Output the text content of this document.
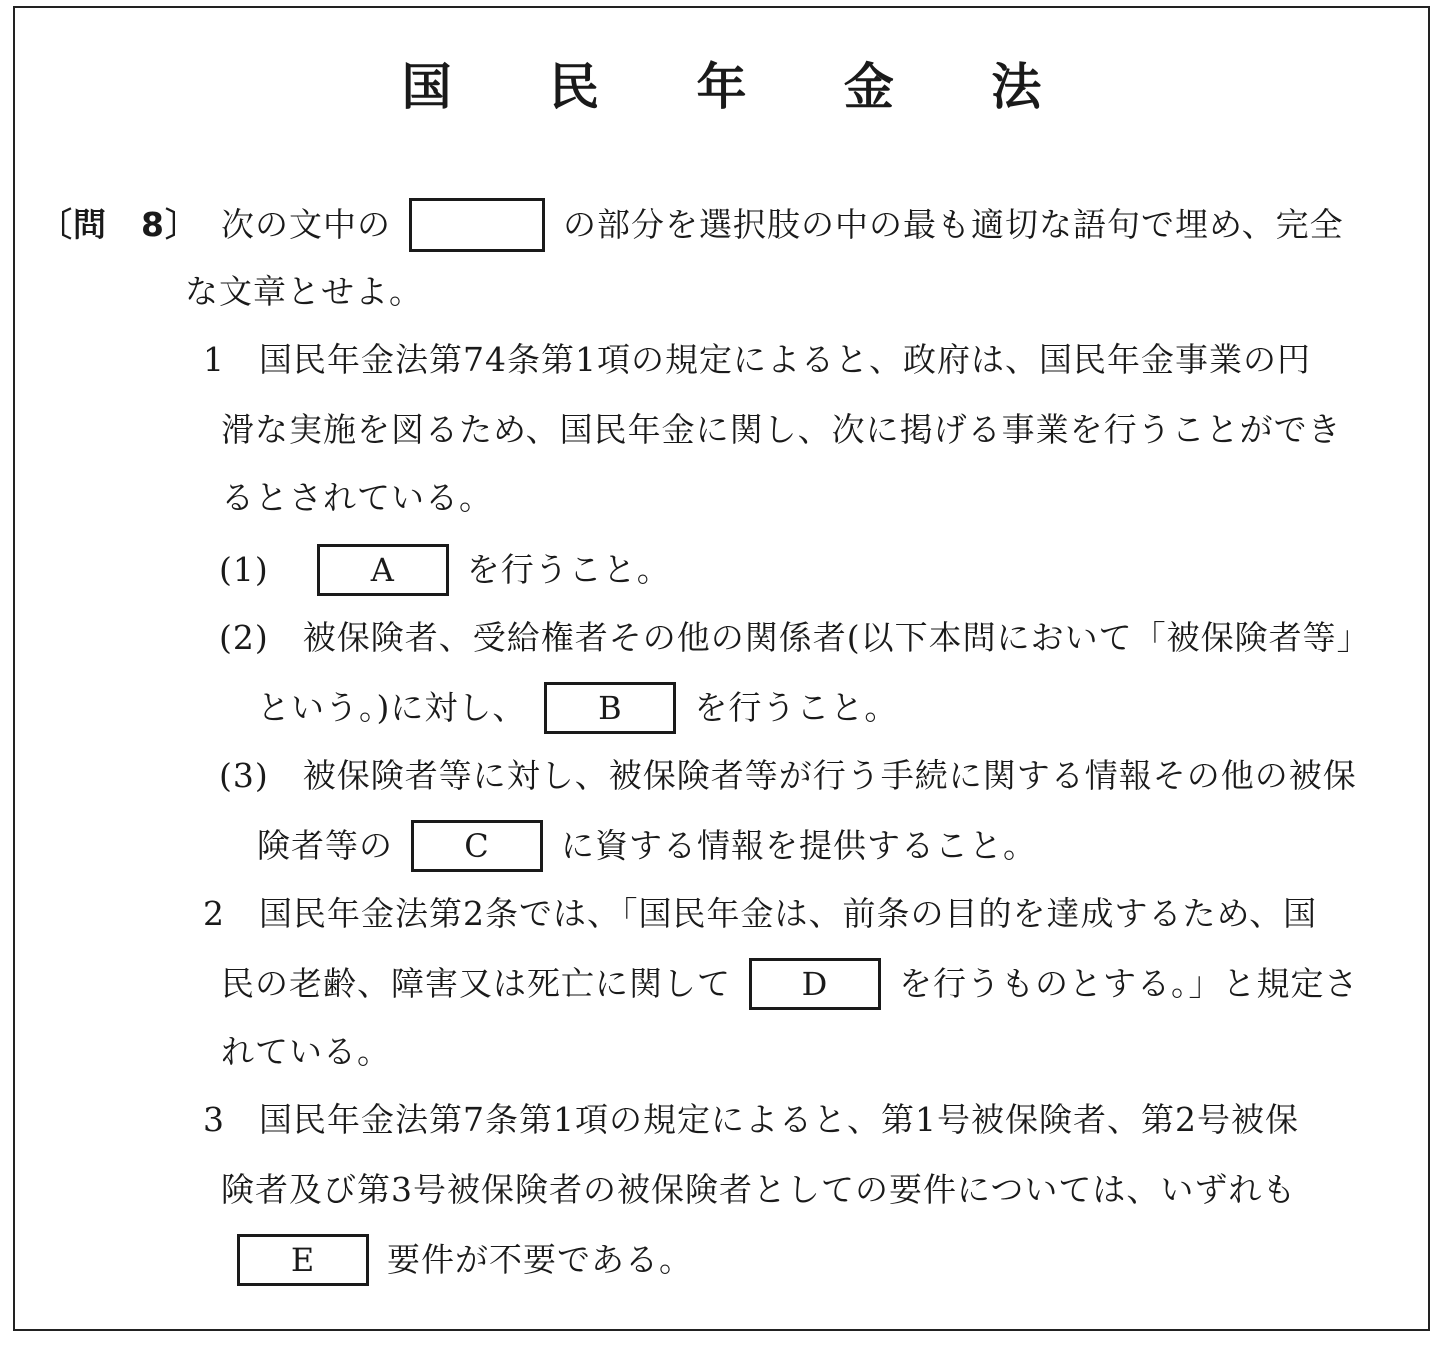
国 民 年 金 法
〔問　8〕 次の文中の	の部分を選択肢の中の最も適切な語句で埋め、完全
な文章とせよ。
1　国民年金法第74条第1項の規定によると、政府は、国民年金事業の円
滑な実施を図るため、国民年金に関し、次に掲げる事業を行うことができ
るとされている。
(1)	A を行うこと。
(2)　被保険者、受給権者その他の関係者(以下本問において「被保険者等」
という。)に対し、 B を行うこと。
(3)　被保険者等に対し、被保険者等が行う手続に関する情報その他の被保
険者等の C に資する情報を提供すること。
2　国民年金法第2条では、「国民年金は、前条の目的を達成するため、国
民の老齢、障害又は死亡に関して D を行うものとする。」と規定さ
れている。
3　国民年金法第7条第1項の規定によると、第1号被保険者、第2号被保
険者及び第3号被保険者の被保険者としての要件については、いずれも
E 要件が不要である。
